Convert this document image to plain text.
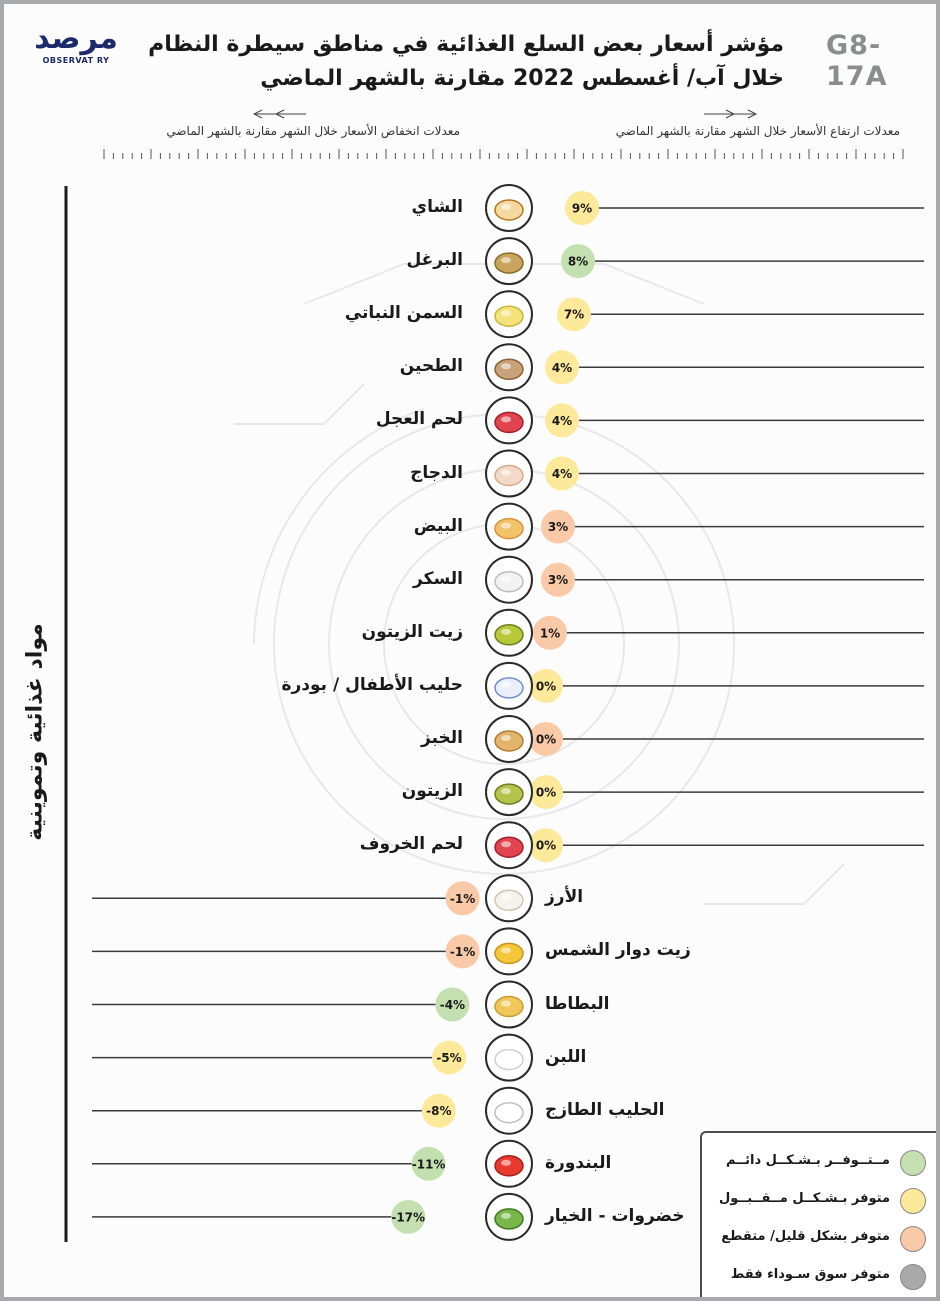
مرصد
OBSERVAT RY	G8-17A
مؤشر أسعار بعض السلع الغذائية في مناطق سيطرة النظام
خلال آب/ أغسطس 2022 مقارنة بالشهر الماضي
معدلات ارتفاع الأسعار خلال الشهر مقارنة بالشهر الماضي
معدلات انخفاض الأسعار خلال الشهر مقارنة بالشهر الماضي
9%
8%
7%
4%
4%
4%
3%
3%
1%
0%
0%
0%
0%
-1%
-1%
-4%
-5%
-8%
-11%
-17%
الشاي
البرغل
السمن النباتي
الطحين
لحم العجل
الدجاج
البيض
السكر
زيت الزيتون
حليب الأطفال / بودرة
الخبز
الزيتون
لحم الخروف
الأرز
زيت دوار الشمس
البطاطا
اللبن
الحليب الطازج
البندورة
خضروات - الخيار
مواد غذائية وتموينية
مــتــوفــر بـشـكــل دائــم
متوفر بـشـكــل مــقــبــول
متوفر بشكل قليل/ متقطع
متوفر سوق سـوداء فقط
